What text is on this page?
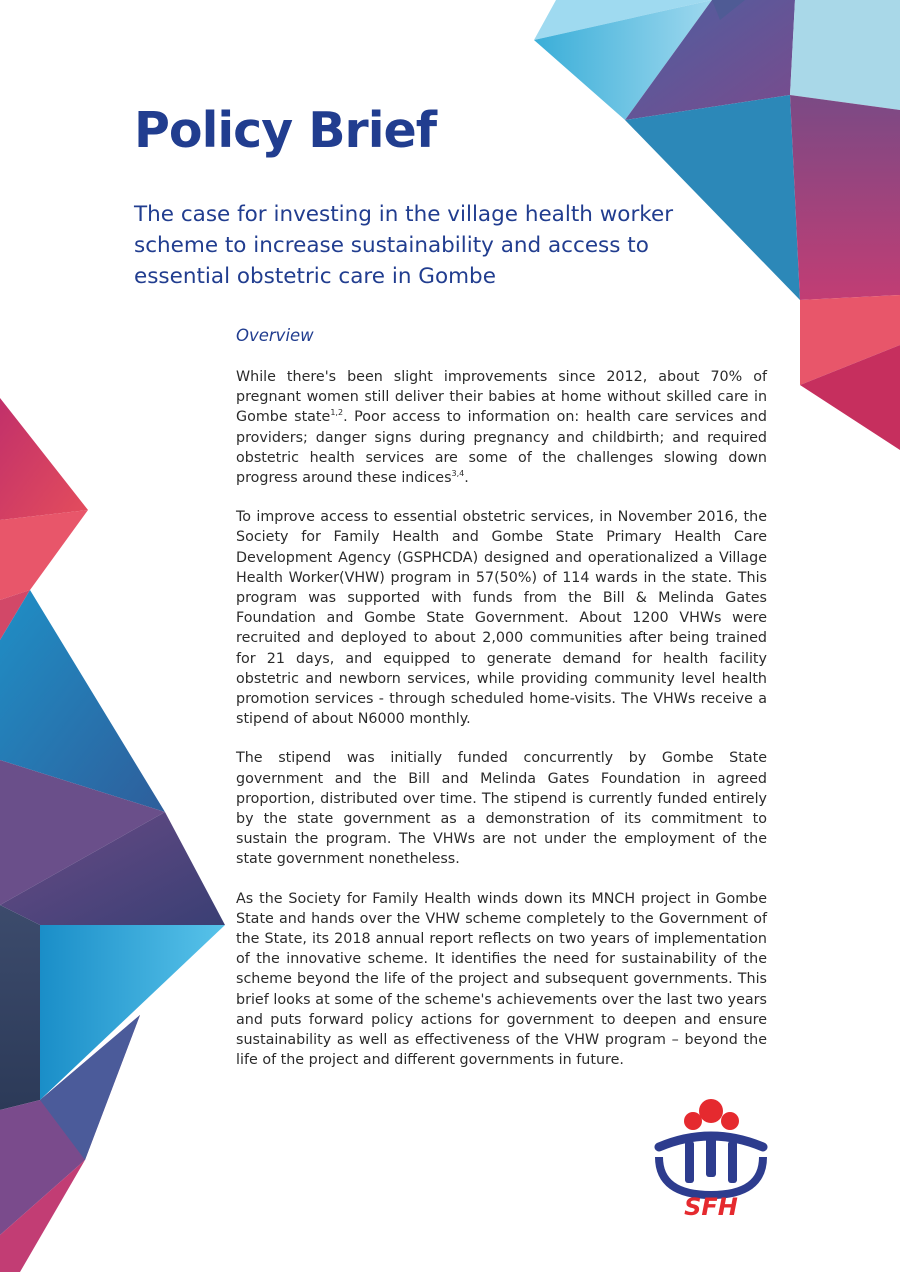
Policy Brief
The case for investing in the village health worker scheme to increase sustainability and access to essential obstetric care in Gombe
Overview

While there's been slight improvements since 2012, about 70% of pregnant women still deliver their babies at home without skilled care in Gombe state$^{1,2}$. Poor access to information on: health care services and providers; danger signs during pregnancy and childbirth; and required obstetric health services are some of the challenges slowing down progress around these indices$^{3,4}$.

To improve access to essential obstetric services, in November 2016, the Society for Family Health and Gombe State Primary Health Care Development Agency (GSPHCDA) designed and operationalized a Village Health Worker(VHW) program in 57(50%) of 114 wards in the state. This program was supported with funds from the Bill & Melinda Gates Foundation and Gombe State Government. About 1200 VHWs were recruited and deployed to about 2,000 communities after being trained for 21 days, and equipped to generate demand for health facility obstetric and newborn services, while providing community level health promotion services - through scheduled home-visits. The VHWs receive a stipend of about N6000 monthly.

The stipend was initially funded concurrently by Gombe State government and the Bill and Melinda Gates Foundation in agreed proportion, distributed over time. The stipend is currently funded entirely by the state government as a demonstration of its commitment to sustain the program. The VHWs are not under the employment of the state government nonetheless.

As the Society for Family Health winds down its MNCH project in Gombe State and hands over the VHW scheme completely to the Government of the State, its 2018 annual report reflects on two years of implementation of the innovative scheme. It identifies the need for sustainability of the scheme beyond the life of the project and subsequent governments. This brief looks at some of the scheme's achievements over the last two years and puts forward policy actions for government to deepen and ensure sustainability as well as effectiveness of the VHW program – beyond the life of the project and different governments in future.

SFH
